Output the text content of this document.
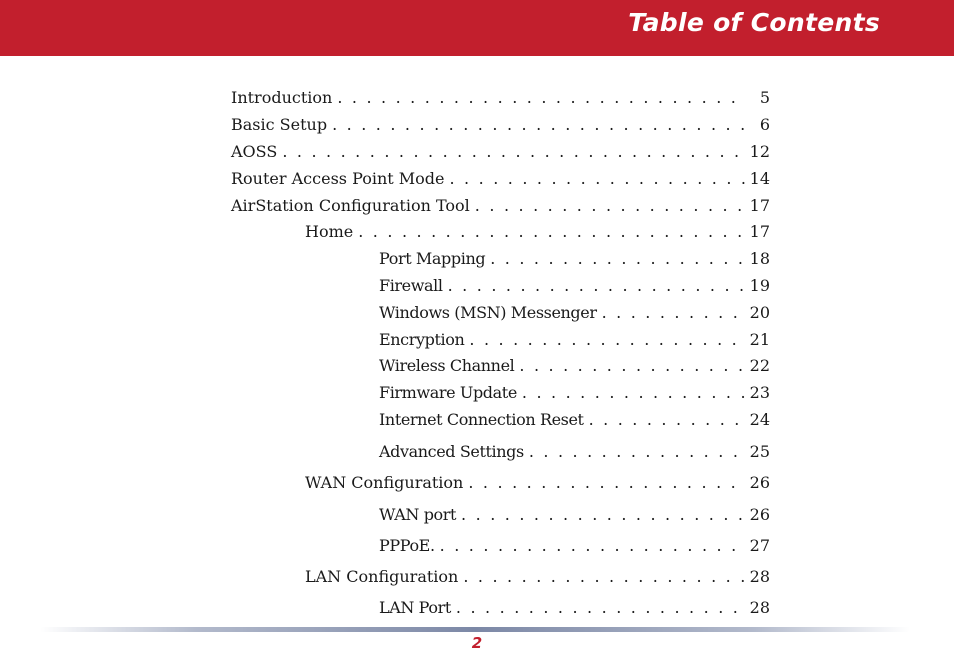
Table of Contents
Introduction . . .	5
Basic Setup . . .	6
AOSS . . .	12
Router Access Point Mode . . .	14
AirStation Configuration Tool . . .	17
Home . . .	17
Port Mapping . . .	18
Firewall . . .	19
Windows (MSN) Messenger . . .	20
Encryption . . .	21
Wireless Channel . . .	22
Firmware Update . . .	23
Internet Connection Reset . . .	24
Advanced Settings . . .	25
WAN Configuration . . .	26
WAN port . . .	26
PPPoE. . . .	27
LAN Configuration . . .	28
LAN Port . . .	28
2
